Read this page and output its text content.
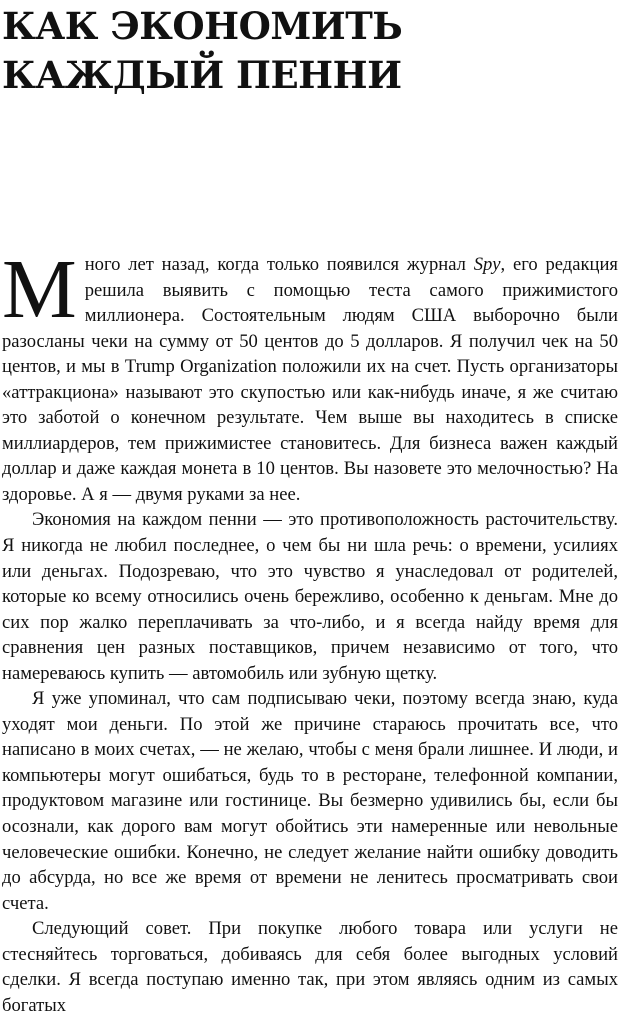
КАК ЭКОНОМИТЬ
КАЖДЫЙ ПЕННИ

Много лет назад, когда только появился журнал Spy, его редакция решила выявить с помощью теста самого прижимистого миллионера. Состоятельным людям США выборочно были разосланы чеки на сумму от 50 центов до 5 долларов. Я получил чек на 50 центов, и мы в Trump Organization положили их на счет. Пусть организаторы «аттракциона» называют это скупостью или как-нибудь иначе, я же считаю это заботой о конечном результате. Чем выше вы находитесь в списке миллиардеров, тем прижимистее становитесь. Для бизнеса важен каждый доллар и даже каждая монета в 10 центов. Вы назовете это мелочностью? На здоровье. А я — двумя руками за нее.

Экономия на каждом пенни — это противоположность расточительству. Я никогда не любил последнее, о чем бы ни шла речь: о времени, усилиях или деньгах. Подозреваю, что это чувство я унаследовал от родителей, которые ко всему относились очень бережливо, особенно к деньгам. Мне до сих пор жалко переплачивать за что-либо, и я всегда найду время для сравнения цен разных поставщиков, причем независимо от того, что намереваюсь купить — автомобиль или зубную щетку.

Я уже упоминал, что сам подписываю чеки, поэтому всегда знаю, куда уходят мои деньги. По этой же причине стараюсь прочитать все, что написано в моих счетах, — не желаю, чтобы с меня брали лишнее. И люди, и компьютеры могут ошибаться, будь то в ресторане, телефонной компании, продуктовом магазине или гостинице. Вы безмерно удивились бы, если бы осознали, как дорого вам могут обойтись эти намеренные или невольные человеческие ошибки. Конечно, не следует желание найти ошибку доводить до абсурда, но все же время от времени не ленитесь просматривать свои счета.

Следующий совет. При покупке любого товара или услуги не стесняйтесь торговаться, добиваясь для себя более выгодных условий сделки. Я всегда поступаю именно так, при этом являясь одним из самых богатых
